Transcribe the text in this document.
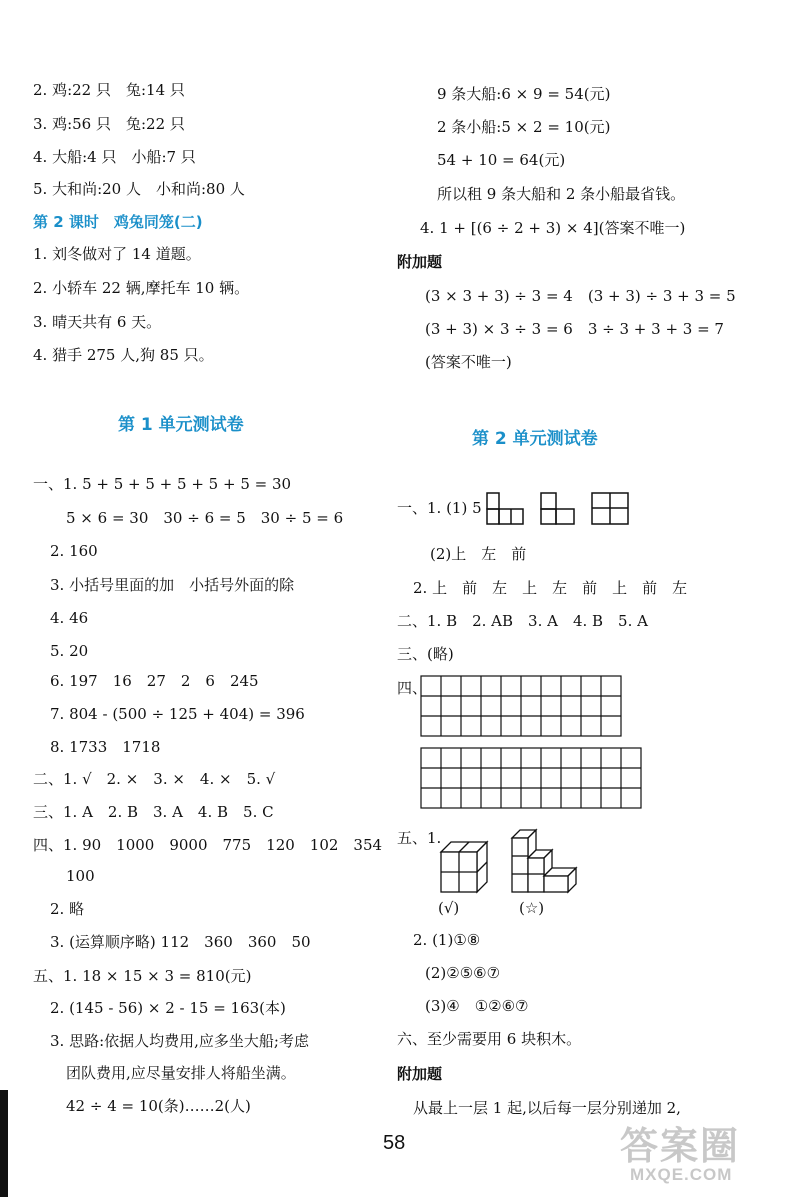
2. 鸡:22 只　兔:14 只
3. 鸡:56 只　兔:22 只
4. 大船:4 只　小船:7 只
5. 大和尚:20 人　小和尚:80 人
第 2 课时　鸡兔同笼(二)
1. 刘冬做对了 14 道题。
2. 小轿车 22 辆,摩托车 10 辆。
3. 晴天共有 6 天。
4. 猎手 275 人,狗 85 只。
第 1 单元测试卷
一、1. 5 + 5 + 5 + 5 + 5 + 5 = 30
5 × 6 = 30　30 ÷ 6 = 5　30 ÷ 5 = 6
2. 160
3. 小括号里面的加　小括号外面的除
4. 46
5. 20
6. 197　16　27　2　6　245
7. 804 - (500 ÷ 125 + 404) = 396
8. 1733　1718
二、1. √　2. ×　3. ×　4. ×　5. √
三、1. A　2. B　3. A　4. B　5. C
四、1. 90　1000　9000　775　120　102　354
100
2. 略
3. (运算顺序略) 112　360　360　50
五、1. 18 × 15 × 3 = 810(元)
2. (145 - 56) × 2 - 15 = 163(本)
3. 思路:依据人均费用,应多坐大船;考虑
团队费用,应尽量安排人将船坐满。
42 ÷ 4 = 10(条)……2(人)
9 条大船:6 × 9 = 54(元)
2 条小船:5 × 2 = 10(元)
54 + 10 = 64(元)
所以租 9 条大船和 2 条小船最省钱。
4. 1 + [(6 ÷ 2 + 3) × 4](答案不唯一)
附加题
(3 × 3 + 3) ÷ 3 = 4　(3 + 3) ÷ 3 + 3 = 5
(3 + 3) × 3 ÷ 3 = 6　3 ÷ 3 + 3 + 3 = 7
(答案不唯一)
第 2 单元测试卷
一、1. (1) 5
(2)上　左　前
2. 上　前　左　上　左　前　上　前　左
二、1. B　2. AB　3. A　4. B　5. A
三、(略)
四、
五、1.
(√)	(☆)
2. (1)①⑧
(2)②⑤⑥⑦
(3)④　①②⑥⑦
六、至少需要用 6 块积木。
附加题
从最上一层 1 起,以后每一层分别递加 2,
58	答案圈
MXQE.COM
